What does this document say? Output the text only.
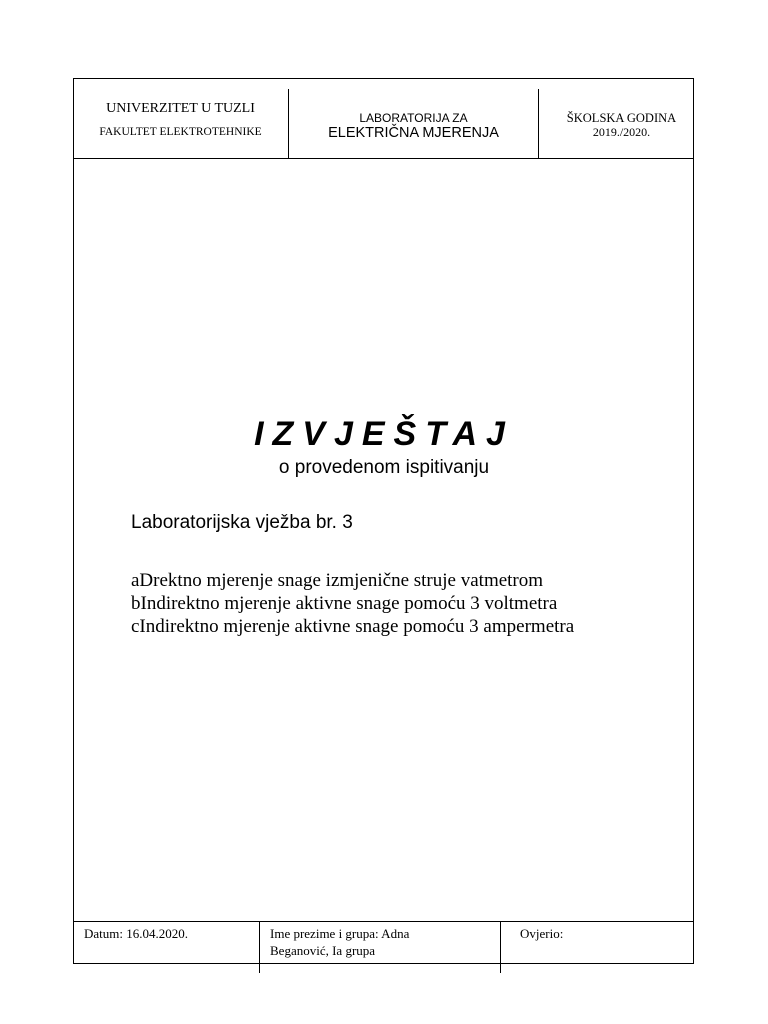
UNIVERZITET U TUZLI
FAKULTET ELEKTROTEHNIKE
LABORATORIJA ZA
ELEKTRIČNA MJERENJA
ŠKOLSKA GODINA
2019./2020.
IZVJEŠTAJ
o provedenom ispitivanju
Laboratorijska vježba br. 3
aDrektno mjerenje snage izmjenične struje vatmetrom
bIndirektno mjerenje aktivne snage pomoću 3 voltmetra
cIndirektno mjerenje aktivne snage pomoću 3 ampermetra
Datum: 16.04.2020.	Ime prezime i grupa: Adna
Beganović, Ia grupa
Ovjerio:
